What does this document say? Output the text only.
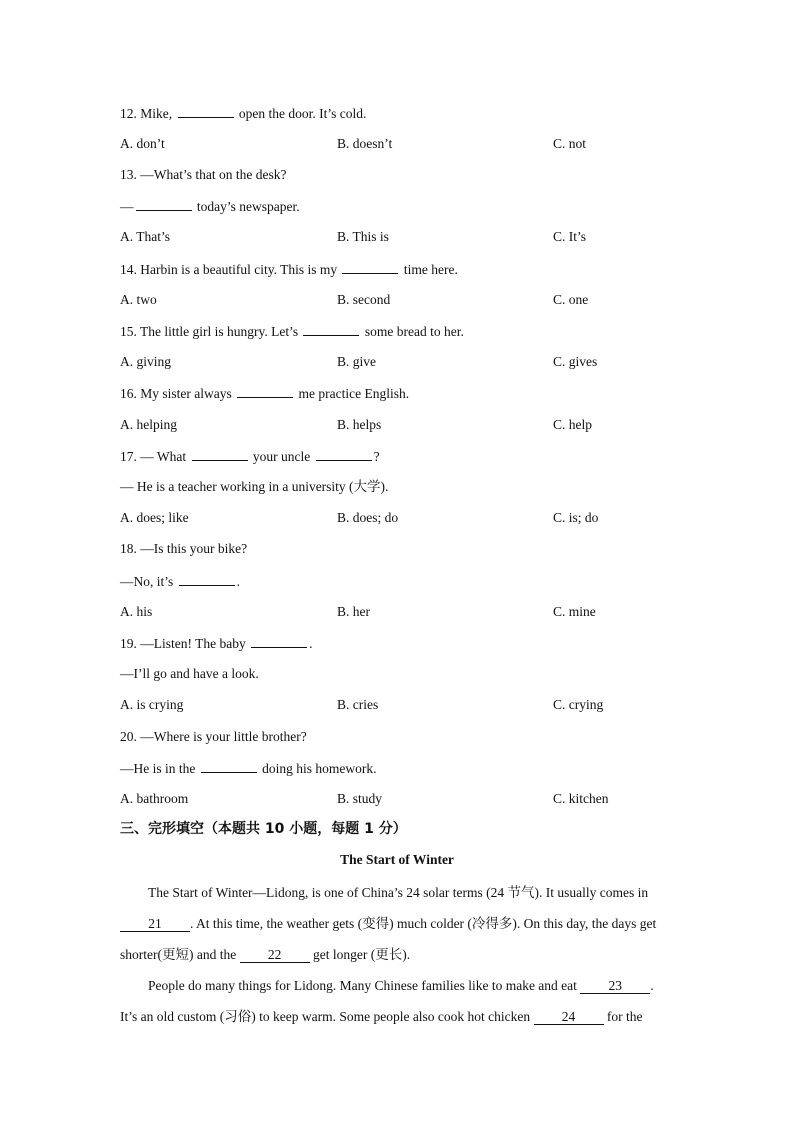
12. Mike,	open the door. It’s cold.
A. don’t	B. doesn’t	C. not
13. —What’s that on the desk?
—	today’s newspaper.
A. That’s	B. This is	C. It’s
14. Harbin is a beautiful city. This is my	time here.
A. two	B. second	C. one
15. The little girl is hungry. Let’s	some bread to her.
A. giving	B. give	C. gives
16. My sister always	me practice English.
A. helping	B. helps	C. help
17. — What	your uncle	?
— He is a teacher working in a university (大学).
A. does; like	B. does; do	C. is; do
18. —Is this your bike?
—No, it’s	.
A. his	B. her	C. mine
19. —Listen! The baby	.
—I’ll go and have a look.
A. is crying	B. cries	C. crying
20. —Where is your little brother?
—He is in the	doing his homework.
A. bathroom	B. study	C. kitchen
三、完形填空（本题共 10 小题，每题 1 分）
The Start of Winter
The Start of Winter—Lidong, is one of China’s 24 solar terms (24 节气). It usually comes in
21 . At this time, the weather gets (变得) much colder (冷得多). On this day, the days get
shorter(更短) and the 22 get longer (更长).
People do many things for Lidong. Many Chinese families like to make and eat 23 .
It’s an old custom (习俗) to keep warm. Some people also cook hot chicken 24 for the
